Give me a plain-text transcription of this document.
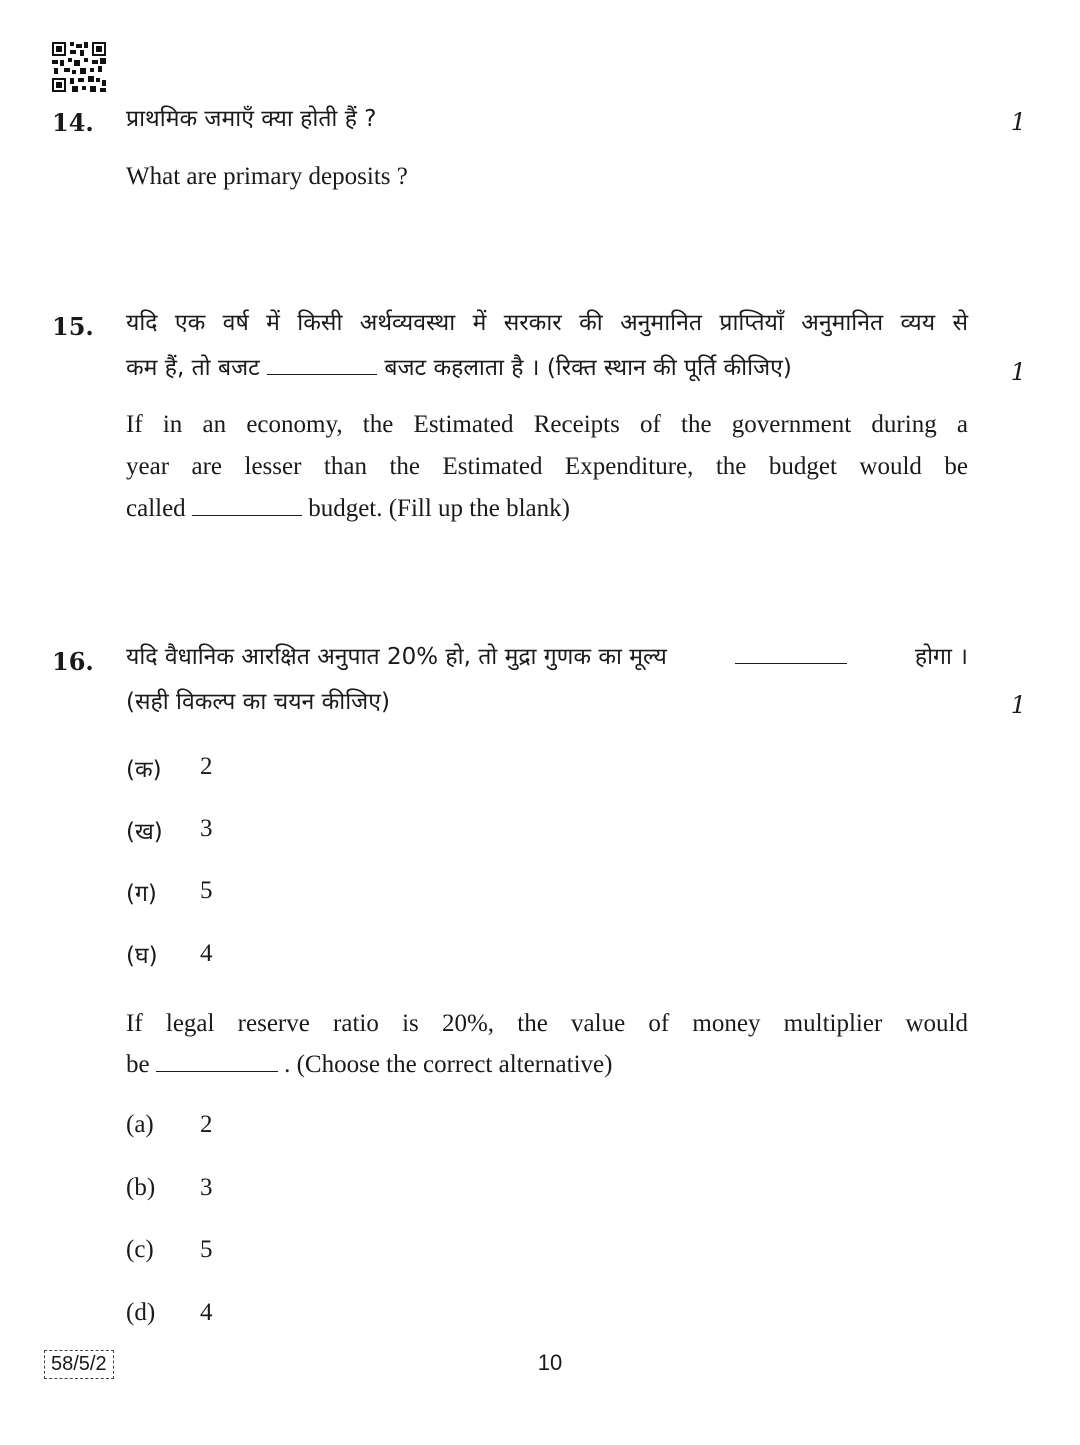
14. प्राथमिक जमाएँ क्या होती हैं ?	1
What are primary deposits ?
15. यदि एक वर्ष में किसी अर्थव्यवस्था में सरकार की अनुमानित प्राप्तियाँ अनुमानित व्यय से
कम हैं, तो बजट	बजट कहलाता है । (रिक्त स्थान की पूर्ति कीजिए)	1
If in an economy, the Estimated Receipts of the government during a
year are lesser than the Estimated Expenditure, the budget would be
called	budget. (Fill up the blank)
16. यदि वैधानिक आरक्षित अनुपात 20% हो, तो मुद्रा गुणक का मूल्य	होगा ।
(सही विकल्प का चयन कीजिए)	1
(क) 2
(ख) 3
(ग) 5
(घ) 4
If legal reserve ratio is 20%, the value of money multiplier would
be	. (Choose the correct alternative)
(a) 2
(b) 3
(c) 5
(d) 4
58/5/2	10
